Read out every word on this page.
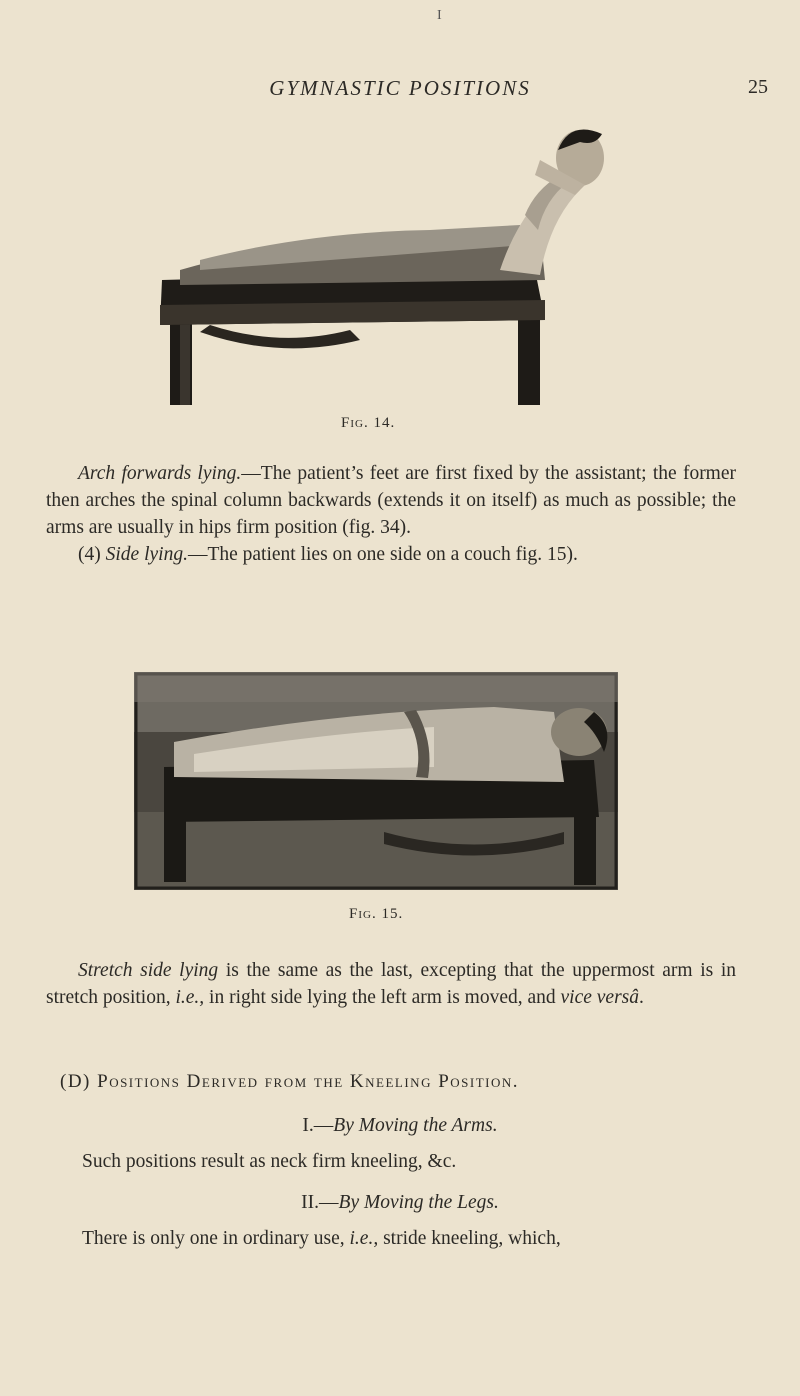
I
GYMNASTIC POSITIONS	25
Fig. 14.

Arch forwards lying.—The patient’s feet are first fixed by the assistant; the former then arches the spinal column backwards (extends it on itself) as much as possible; the arms are usually in hips firm position (fig. 34).

(4) Side lying.—The patient lies on one side on a couch fig. 15).

Fig. 15.

Stretch side lying is the same as the last, excepting that the uppermost arm is in stretch position, i.e., in right side lying the left arm is moved, and vice versâ.

(D) Positions Derived from the Kneeling Position.
I.—By Moving the Arms.
Such positions result as neck firm kneeling, &c.
II.—By Moving the Legs.
There is only one in ordinary use, i.e., stride kneeling, which,
